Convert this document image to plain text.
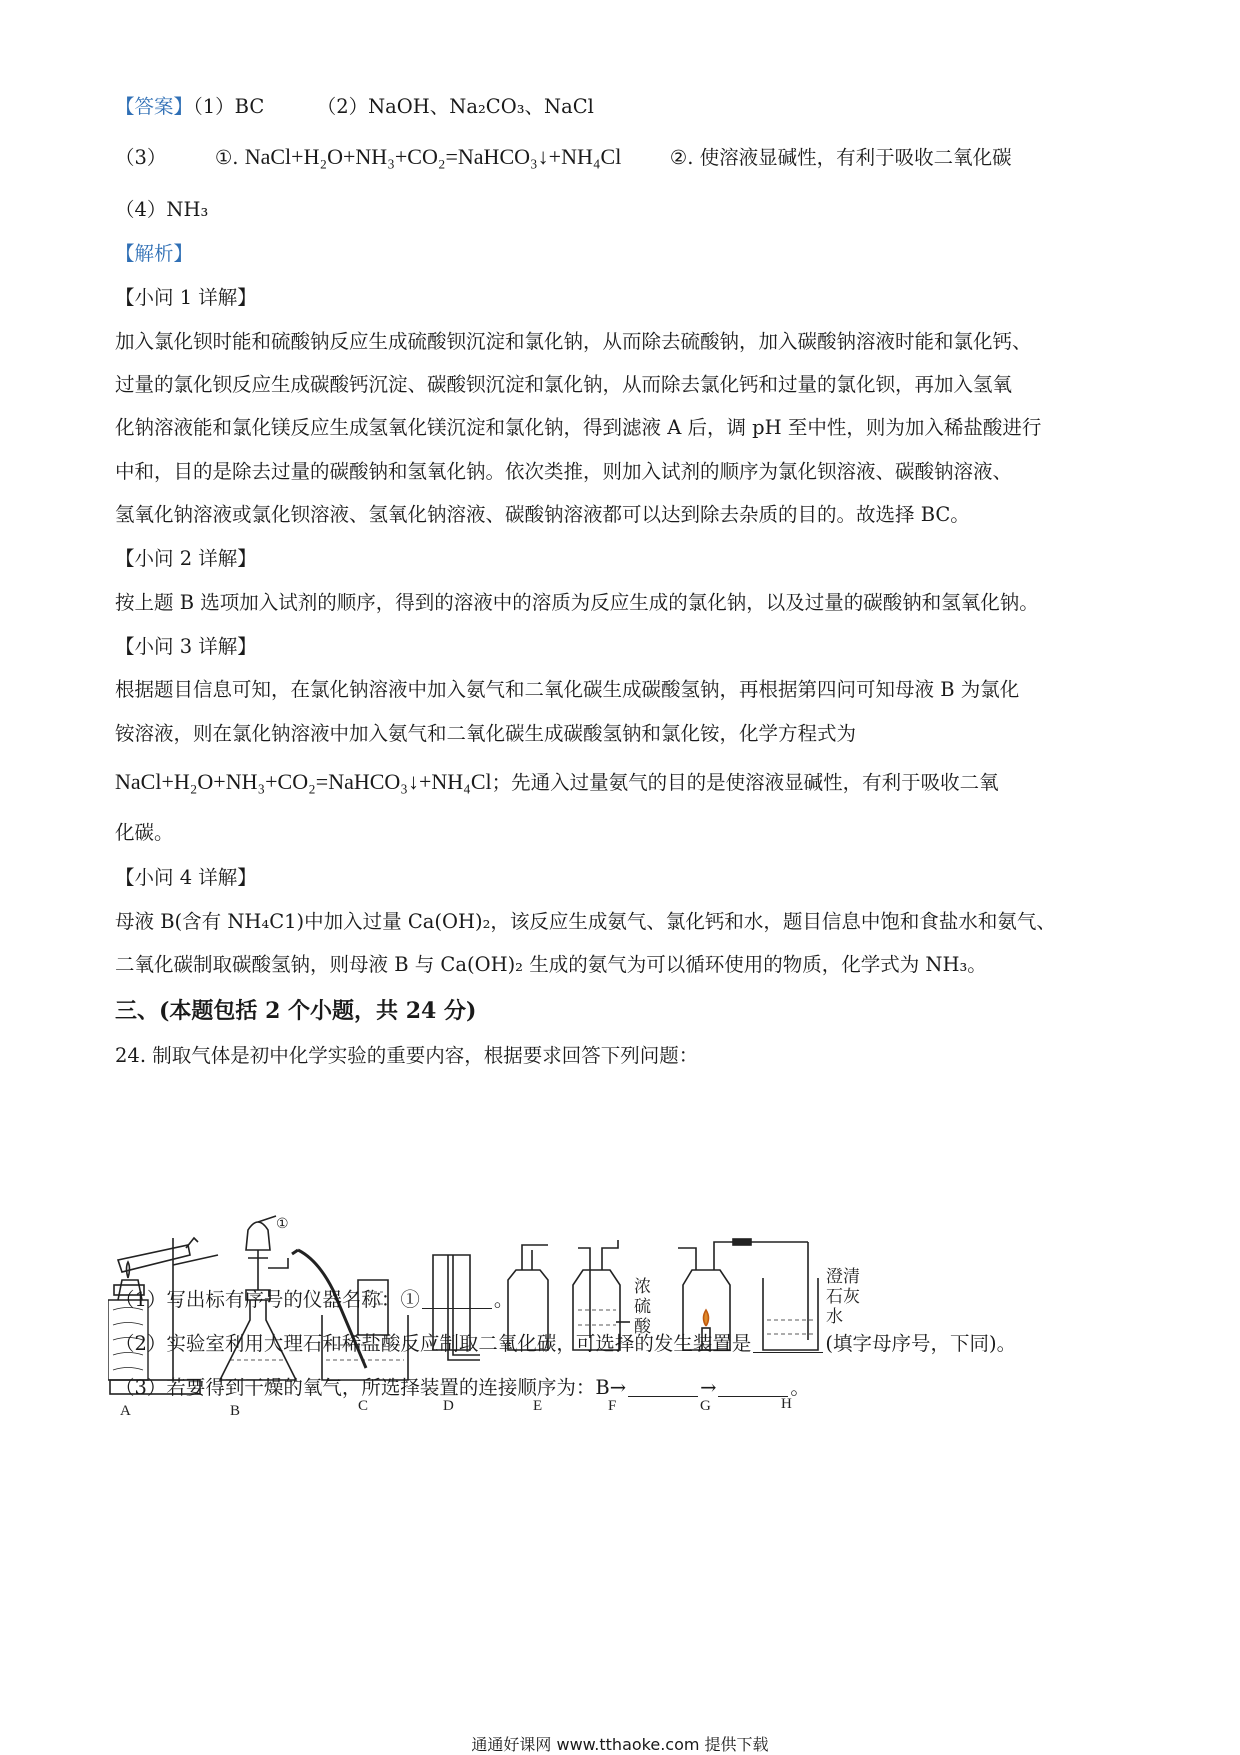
【答案】（1）BC	（2）NaOH、Na₂CO₃、NaCl
（3） ①. NaCl+H₂O+NH₃+CO₂=NaHCO₃↓+NH₄Cl ②. 使溶液显碱性，有利于吸收二氧化碳
（4）NH₃
【解析】
【小问 1 详解】
加入氯化钡时能和硫酸钠反应生成硫酸钡沉淀和氯化钠，从而除去硫酸钠，加入碳酸钠溶液时能和氯化钙、
过量的氯化钡反应生成碳酸钙沉淀、碳酸钡沉淀和氯化钠，从而除去氯化钙和过量的氯化钡，再加入氢氧
化钠溶液能和氯化镁反应生成氢氧化镁沉淀和氯化钠，得到滤液 A 后，调 pH 至中性，则为加入稀盐酸进行
中和，目的是除去过量的碳酸钠和氢氧化钠。依次类推，则加入试剂的顺序为氯化钡溶液、碳酸钠溶液、
氢氧化钠溶液或氯化钡溶液、氢氧化钠溶液、碳酸钠溶液都可以达到除去杂质的目的。故选择 BC。
【小问 2 详解】
按上题 B 选项加入试剂的顺序，得到的溶液中的溶质为反应生成的氯化钠，以及过量的碳酸钠和氢氧化钠。
【小问 3 详解】
根据题目信息可知，在氯化钠溶液中加入氨气和二氧化碳生成碳酸氢钠，再根据第四问可知母液 B 为氯化
铵溶液，则在氯化钠溶液中加入氨气和二氧化碳生成碳酸氢钠和氯化铵，化学方程式为
NaCl+H₂O+NH₃+CO₂=NaHCO₃↓+NH₄Cl；先通入过量氨气的目的是使溶液显碱性，有利于吸收二氧
化碳。
【小问 4 详解】
母液 B(含有 NH₄C1)中加入过量 Ca(OH)₂，该反应生成氨气、氯化钙和水，题目信息中饱和食盐水和氨气、
二氧化碳制取碳酸氢钠，则母液 B 与 Ca(OH)₂ 生成的氨气为可以循环使用的物质，化学式为 NH₃。
三、(本题包括 2 个小题，共 24 分)
24. 制取气体是初中化学实验的重要内容，根据要求回答下列问题：
A	B	C	D	E	F	G	H
①
浓
硫
酸
澄清
石灰
水
（1）写出标有序号的仪器名称：①	。
（2）实验室利用大理石和稀盐酸反应制取二氧化碳，可选择的发生装置是	(填字母序号，下同)。
（3）若要得到干燥的氧气，所选择装置的连接顺序为：B→	→	。
通通好课网 www.tthaoke.com 提供下载
